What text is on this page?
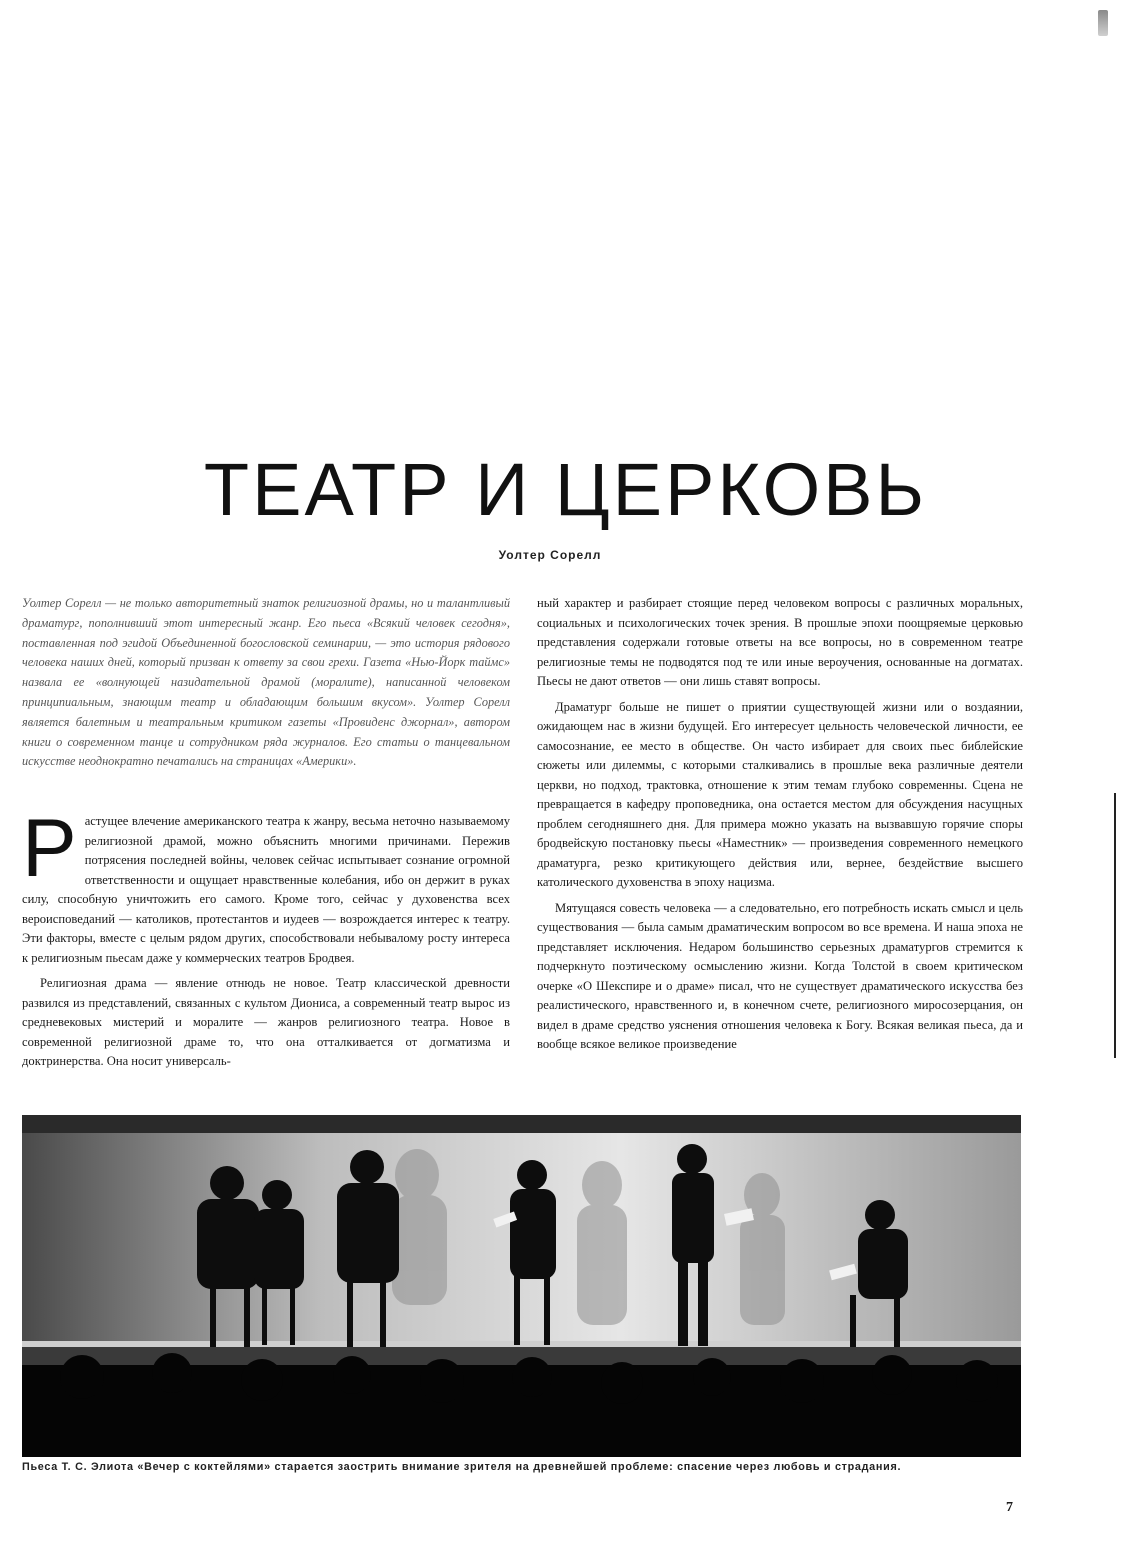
ТЕАТР И ЦЕРКОВЬ
Уолтер Сорелл

Уолтер Сорелл — не только авторитетный знаток религиозной драмы, но и талантливый драматург, пополнивший этот интересный жанр. Его пьеса «Всякий человек сегодня», поставленная под эгидой Объединенной богословской семинарии, — это история рядового человека наших дней, который призван к ответу за свои грехи. Газета «Нью-Йорк таймс» назвала ее «волнующей назидательной драмой (моралите), написанной человеком принципиальным, знающим театр и обладающим большим вкусом». Уолтер Сорелл является балетным и театральным критиком газеты «Провиденс джорнал», автором книги о современном танце и сотрудником ряда журналов. Его статьи о танцевальном искусстве неоднократно печатались на страницах «Америки».

Растущее влечение американского театра к жанру, весьма неточно называемому религиозной драмой, можно объяснить многими причинами. Пережив потрясения последней войны, человек сейчас испытывает сознание огромной ответственности и ощущает нравственные колебания, ибо он держит в руках силу, способную уничтожить его самого. Кроме того, сейчас у духовенства всех вероисповеданий — католиков, протестантов и иудеев — возрождается интерес к театру. Эти факторы, вместе с целым рядом других, способствовали небывалому росту интереса к религиозным пьесам даже у коммерческих театров Бродвея.

Религиозная драма — явление отнюдь не новое. Театр классической древности развился из представлений, связанных с культом Диониса, а современный театр вырос из средневековых мистерий и моралите — жанров религиозного театра. Новое в современной религиозной драме то, что она отталкивается от догматизма и доктринерства. Она носит универсаль-

ный характер и разбирает стоящие перед человеком вопросы с различных моральных, социальных и психологических точек зрения. В прошлые эпохи поощряемые церковью представления содержали готовые ответы на все вопросы, но в современном театре религиозные темы не подводятся под те или иные вероучения, основанные на догматах. Пьесы не дают ответов — они лишь ставят вопросы.

Драматург больше не пишет о приятии существующей жизни или о воздаянии, ожидающем нас в жизни будущей. Его интересует цельность человеческой личности, ее самосознание, ее место в обществе. Он часто избирает для своих пьес библейские сюжеты или дилеммы, с которыми сталкивались в прошлые века различные деятели церкви, но подход, трактовка, отношение к этим темам глубоко современны. Сцена не превращается в кафедру проповедника, она остается местом для обсуждения насущных проблем сегодняшнего дня. Для примера можно указать на вызвавшую горячие споры бродвейскую постановку пьесы «Наместник» — произведения современного немецкого драматурга, резко критикующего действия или, вернее, бездействие высшего католического духовенства в эпоху нацизма.

Мятущаяся совесть человека — а следовательно, его потребность искать смысл и цель существования — была самым драматическим вопросом во все времена. И наша эпоха не представляет исключения. Недаром большинство серьезных драматургов стремится к подчеркнуто поэтическому осмыслению жизни. Когда Толстой в своем критическом очерке «О Шекспире и о драме» писал, что не существует драматического искусства без реалистического, нравственного и, в конечном счете, религиозного миросозерцания, он видел в драме средство уяснения отношения человека к Богу. Всякая великая пьеса, да и вообще всякое великое произведение

Пьеса Т. С. Элиота «Вечер с коктейлями» старается заострить внимание зрителя на древнейшей проблеме: спасение через любовь и страдания.
7
